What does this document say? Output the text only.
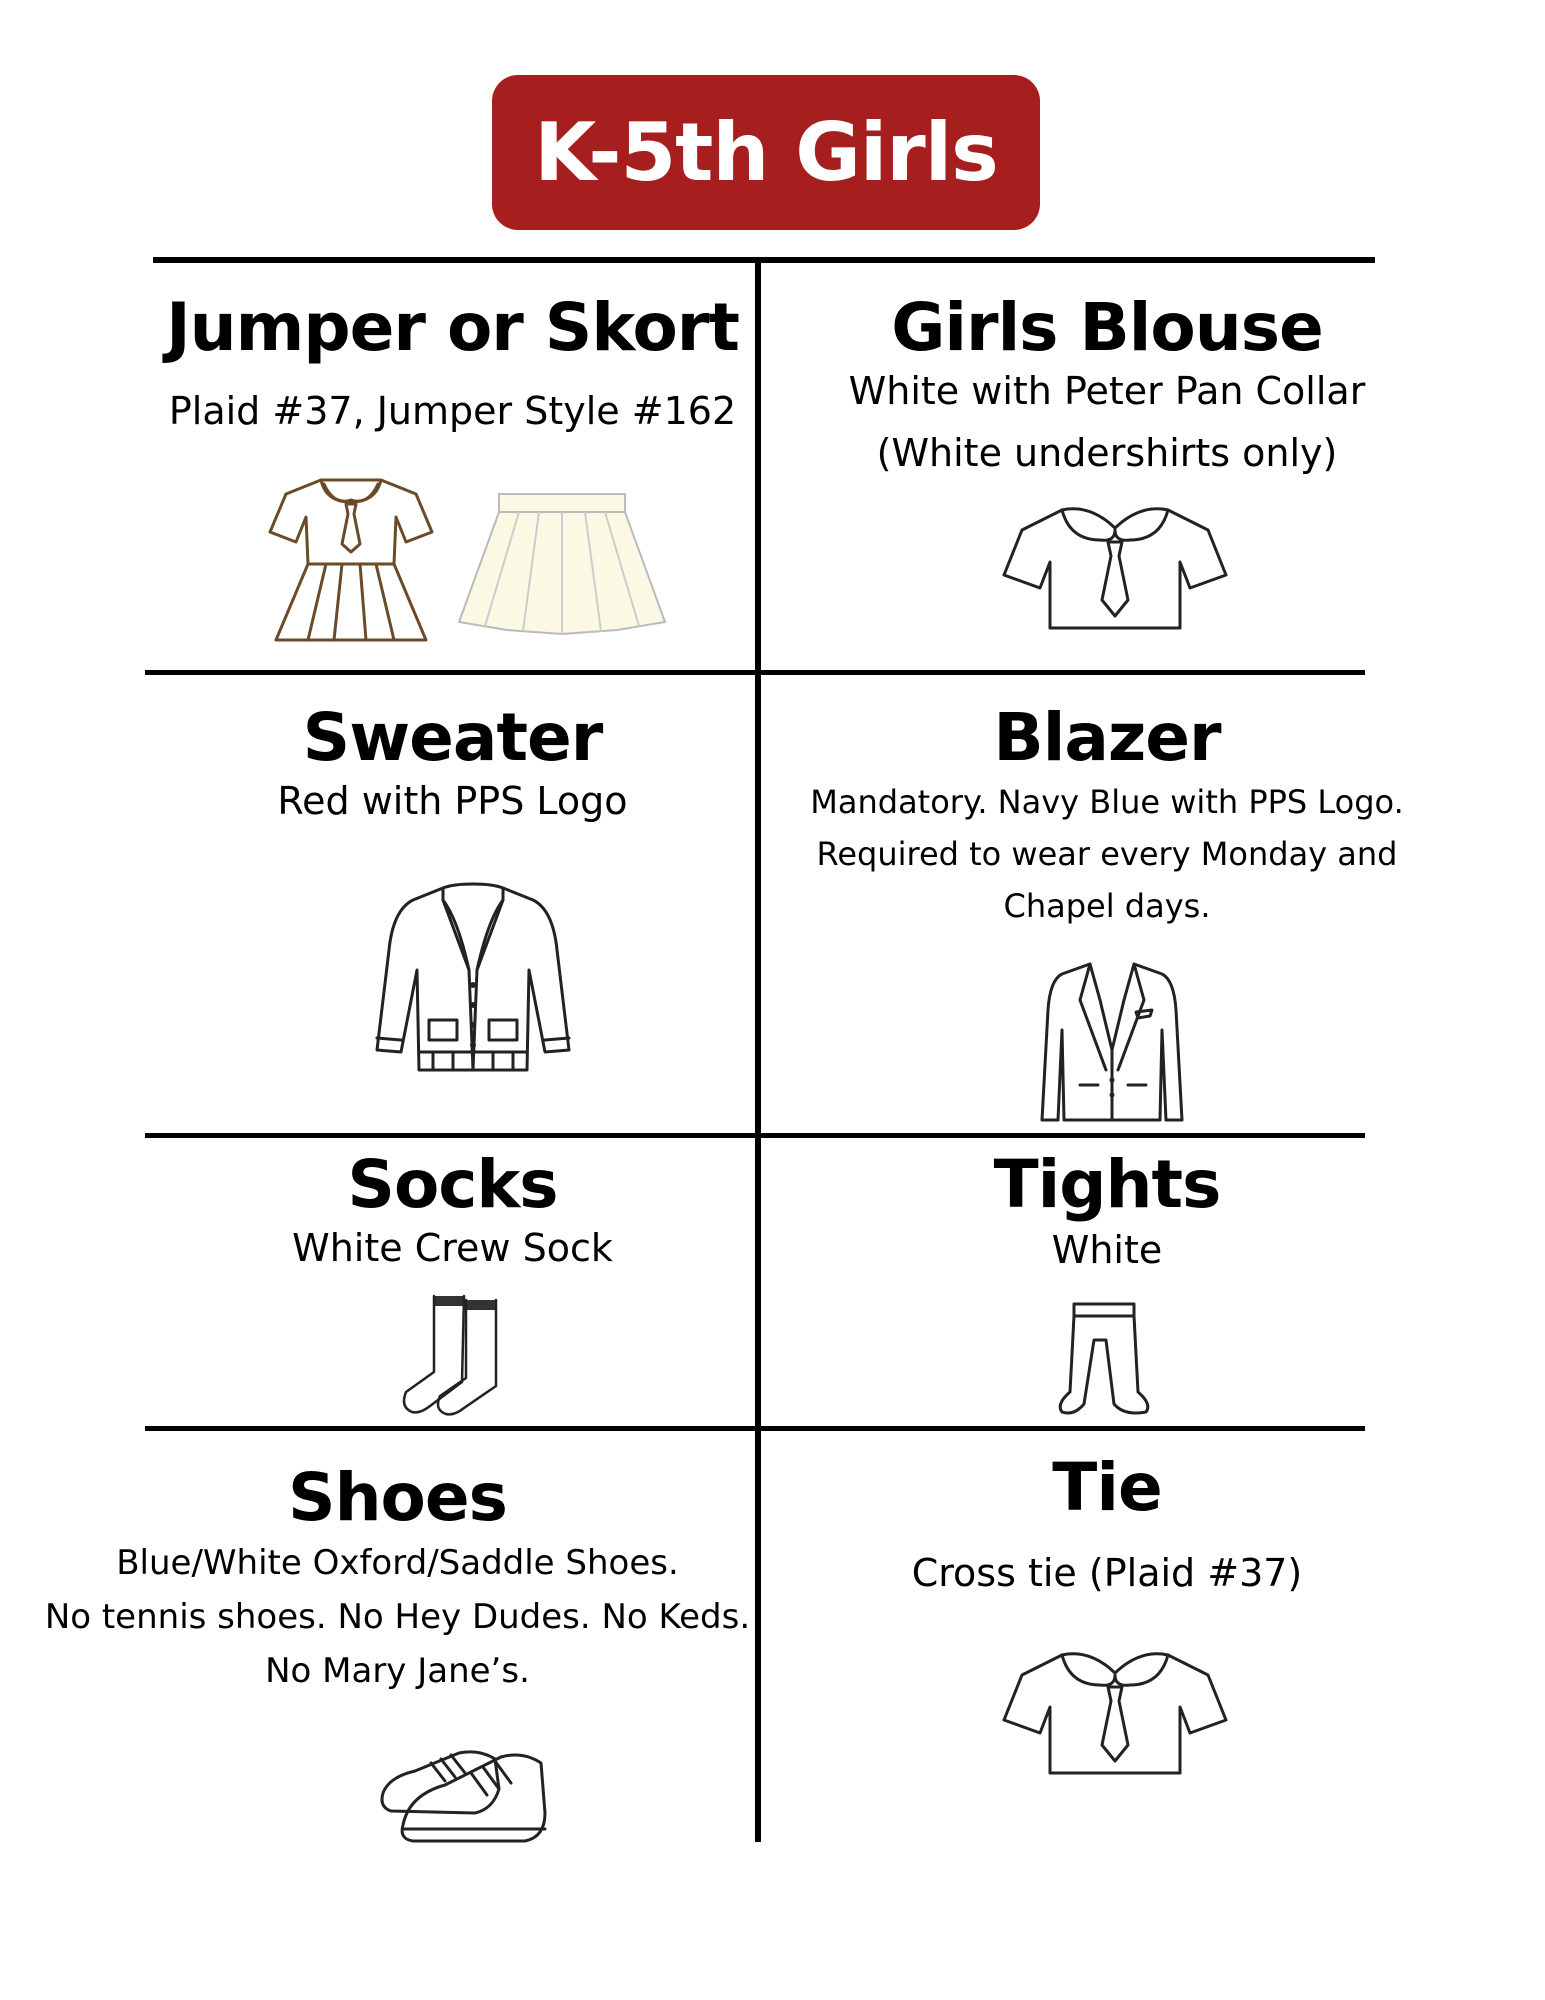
K-5th Girls
Jumper or Skort
Plaid #37, Jumper Style #162
Girls Blouse
White with Peter Pan Collar
(White undershirts only)
Sweater
Red with PPS Logo
Blazer
Mandatory. Navy Blue with PPS Logo.
Required to wear every Monday and
Chapel days.
Socks
White Crew Sock
Tights
White
Shoes
Blue/White Oxford/Saddle Shoes.
No tennis shoes. No Hey Dudes. No Keds.
No Mary Jane’s.
Tie
Cross tie (Plaid #37)
